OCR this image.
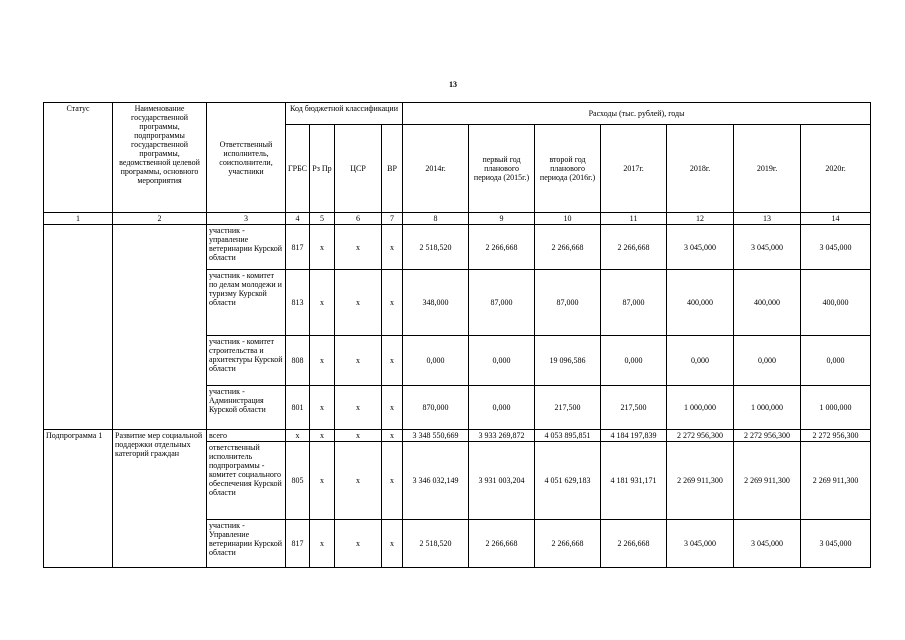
13
Статус	Наименование государственной программы, подпрограммы государственной программы, ведомственной целевой программы, основного мероприятия	Ответственный исполнитель, соисполнители, участники	Код бюджетной классификации				Расходы (тыс. рублей), годы						
			ГРБС	Рз Пр	ЦСР	ВР	2014г.	первый год планового периода (2015г.)	второй год планового периода (2016г.)	2017г.	2018г.	2019г.	2020г.
1	2	3	4	5	6	7	8	9	10	11	12	13	14
		участник - управление ветеринарии Курской области	817	х	х	х	2 518,520	2 266,668	2 266,668	2 266,668	3 045,000	3 045,000	3 045,000
		участник - комитет по делам молодежи и туризму Курской области	813	х	х	х	348,000	87,000	87,000	87,000	400,000	400,000	400,000
		участник - комитет строительства и архитектуры Курской области	808	х	х	х	0,000	0,000	19 096,586	0,000	0,000	0,000	0,000
		участник - Администрация Курской области	801	х	х	х	870,000	0,000	217,500	217,500	1 000,000	1 000,000	1 000,000
Подпрограмма 1	Развитие мер социальной поддержки отдельных категорий граждан	всего	х	х	х	х	3 348 550,669	3 933 269,872	4 053 895,851	4 184 197,839	2 272 956,300	2 272 956,300	2 272 956,300
		ответственный исполнитель подпрограммы - комитет социального обеспечения Курской области	805	х	х	х	3 346 032,149	3 931 003,204	4 051 629,183	4 181 931,171	2 269 911,300	2 269 911,300	2 269 911,300
		участник - Управление ветеринарии Курской области	817	х	х	х	2 518,520	2 266,668	2 266,668	2 266,668	3 045,000	3 045,000	3 045,000
